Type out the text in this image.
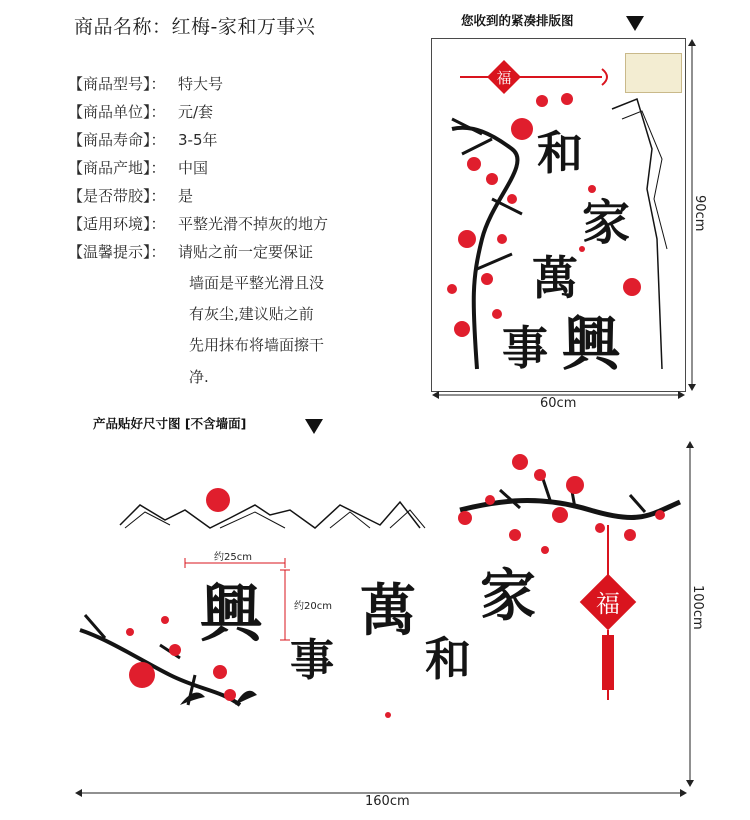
商品名称：红梅-家和万事兴
【商品型号】： 特大号
【商品单位】： 元/套
【商品寿命】： 3-5年
【商品产地】： 中国
【是否带胶】： 是
【适用环境】： 平整光滑不掉灰的地方
【温馨提示】： 请贴之前一定要保证
墙面是平整光滑且没
有灰尘,建议贴之前
先用抹布将墙面擦干
净.
您收到的紧凑排版图
福
和
家
萬
事 興
90cm
60cm
产品贴好尺寸图 [不含墙面]
福
興
事
萬
和
家
约25cm
约20cm	100cm
160cm
